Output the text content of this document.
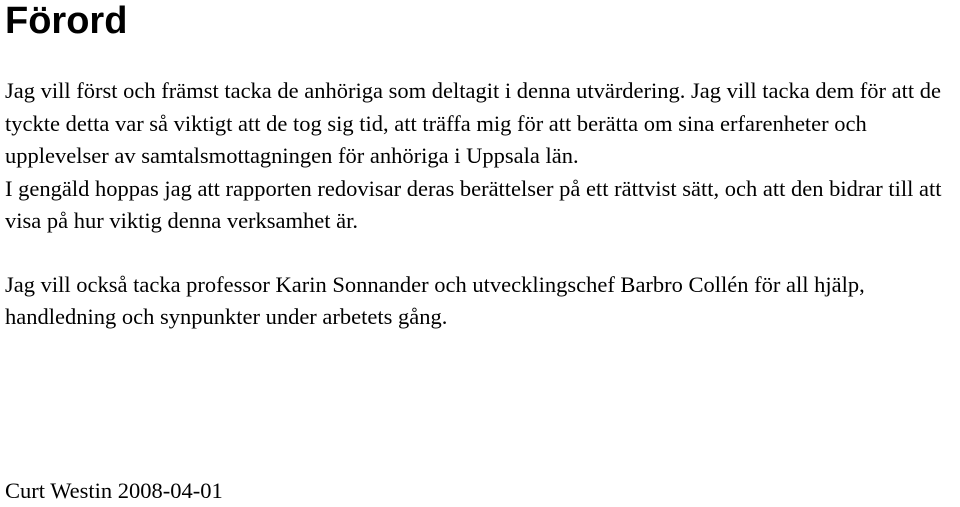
Förord

Jag vill först och främst tacka de anhöriga som deltagit i denna utvärdering. Jag vill tacka dem för att de tyckte detta var så viktigt att de tog sig tid, att träffa mig för att berätta om sina erfarenheter och upplevelser av samtalsmottagningen för anhöriga i Uppsala län.

I gengäld hoppas jag att rapporten redovisar deras berättelser på ett rättvist sätt, och att den bidrar till att visa på hur viktig denna verksamhet är.

Jag vill också tacka professor Karin Sonnander och utvecklingschef Barbro Collén för all hjälp, handledning och synpunkter under arbetets gång.

Curt Westin 2008-04-01
